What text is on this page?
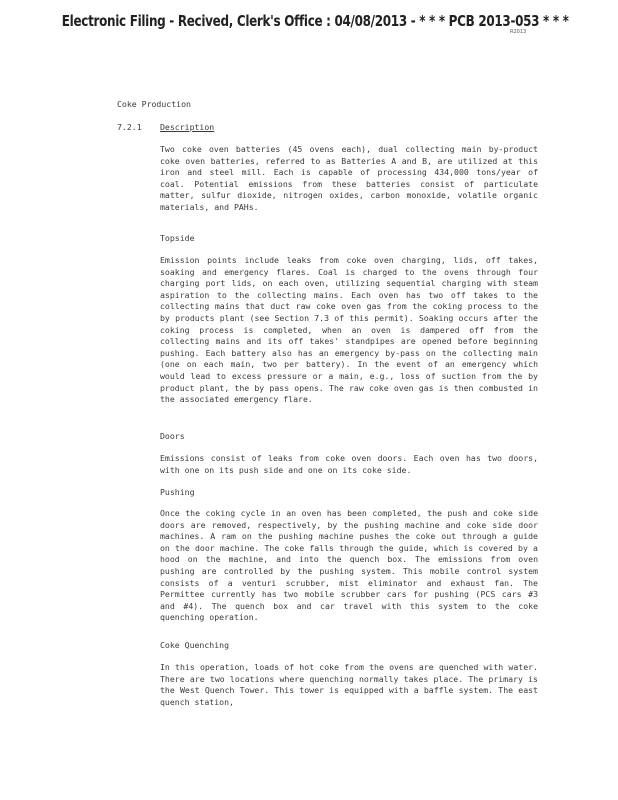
Electronic Filing - Recived, Clerk's Office : 04/08/2013 - * * * PCB 2013-053 * * *
R2013
Coke Production
7.2.1 Description
Two coke oven batteries (45 ovens each), dual collecting main by-product coke oven batteries, referred to as Batteries A and B, are utilized at this iron and steel mill. Each is capable of processing 434,000 tons/year of coal. Potential emissions from these batteries consist of particulate matter, sulfur dioxide, nitrogen oxides, carbon monoxide, volatile organic materials, and PAHs.
Topside
Emission points include leaks from coke oven charging, lids, off takes, soaking and emergency flares. Coal is charged to the ovens through four charging port lids, on each oven, utilizing sequential charging with steam aspiration to the collecting mains. Each oven has two off takes to the collecting mains that duct raw coke oven gas from the coking process to the by products plant (see Section 7.3 of this permit). Soaking occurs after the coking process is completed, when an oven is dampered off from the collecting mains and its off takes' standpipes are opened before beginning pushing. Each battery also has an emergency by-pass on the collecting main (one on each main, two per battery). In the event of an emergency which would lead to excess pressure or a main, e.g., loss of suction from the by product plant, the by pass opens. The raw coke oven gas is then combusted in the associated emergency flare.
Doors
Emissions consist of leaks from coke oven doors. Each oven has two doors, with one on its push side and one on its coke side.
Pushing
Once the coking cycle in an oven has been completed, the push and coke side doors are removed, respectively, by the pushing machine and coke side door machines. A ram on the pushing machine pushes the coke out through a guide on the door machine. The coke falls through the guide, which is covered by a hood on the machine, and into the quench box. The emissions from oven pushing are controlled by the pushing system. This mobile control system consists of a venturi scrubber, mist eliminator and exhaust fan. The Permittee currently has two mobile scrubber cars for pushing (PCS cars #3 and #4). The quench box and car travel with this system to the coke quenching operation.
Coke Quenching
In this operation, loads of hot coke from the ovens are quenched with water. There are two locations where quenching normally takes place. The primary is the West Quench Tower. This tower is equipped with a baffle system. The east quench station,
